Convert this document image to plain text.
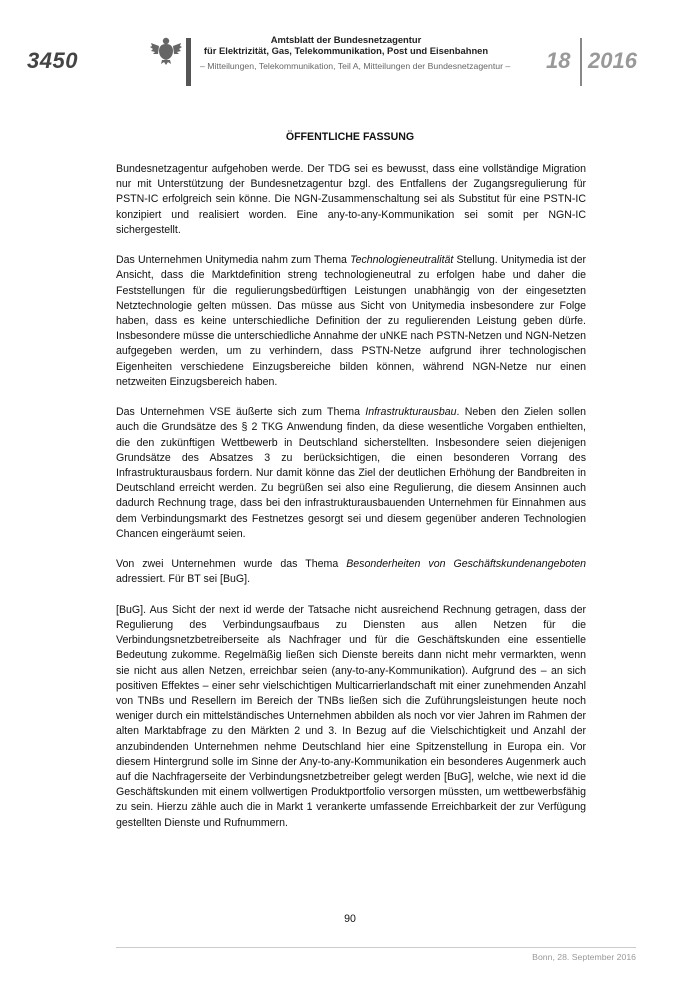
3450
Amtsblatt der Bundesnetzagentur
für Elektrizität, Gas, Telekommunikation, Post und Eisenbahnen
– Mitteilungen, Telekommunikation, Teil A, Mitteilungen der Bundesnetzagentur – 18 2016
ÖFFENTLICHE FASSUNG

Bundesnetzagentur aufgehoben werde. Der TDG sei es bewusst, dass eine vollständige Migration nur mit Unterstützung der Bundesnetzagentur bzgl. des Entfallens der Zugangsregulierung für PSTN-IC erfolgreich sein könne. Die NGN-Zusammenschaltung sei als Substitut für eine PSTN-IC konzipiert und realisiert worden. Eine any-to-any-Kommunikation sei somit per NGN-IC sichergestellt.

Das Unternehmen Unitymedia nahm zum Thema Technologieneutralität Stellung. Unitymedia ist der Ansicht, dass die Marktdefinition streng technologieneutral zu erfolgen habe und daher die Feststellungen für die regulierungsbedürftigen Leistungen unabhängig von der eingesetzten Netztechnologie gelten müssen. Das müsse aus Sicht von Unitymedia insbesondere zur Folge haben, dass es keine unterschiedliche Definition der zu regulierenden Leistung geben dürfe. Insbesondere müsse die unterschiedliche Annahme der uNKE nach PSTN-Netzen und NGN-Netzen aufgegeben werden, um zu verhindern, dass PSTN-Netze aufgrund ihrer technologischen Eigenheiten verschiedene Einzugsbereiche bilden können, während NGN-Netze nur einen netzweiten Einzugsbereich haben.

Das Unternehmen VSE äußerte sich zum Thema Infrastrukturausbau. Neben den Zielen sollen auch die Grundsätze des § 2 TKG Anwendung finden, da diese wesentliche Vorgaben enthielten, die den zukünftigen Wettbewerb in Deutschland sicherstellten. Insbesondere seien diejenigen Grundsätze des Absatzes 3 zu berücksichtigen, die einen besonderen Vorrang des Infrastrukturausbaus fordern. Nur damit könne das Ziel der deutlichen Erhöhung der Bandbreiten in Deutschland erreicht werden. Zu begrüßen sei also eine Regulierung, die diesem Ansinnen auch dadurch Rechnung trage, dass bei den infrastrukturausbauenden Unternehmen für Einnahmen aus dem Verbindungsmarkt des Festnetzes gesorgt sei und diesem gegenüber anderen Technologien Chancen eingeräumt seien.

Von zwei Unternehmen wurde das Thema Besonderheiten von Geschäftskundenangeboten adressiert. Für BT sei [BuG].

[BuG]. Aus Sicht der next id werde der Tatsache nicht ausreichend Rechnung getragen, dass der Regulierung des Verbindungsaufbaus zu Diensten aus allen Netzen für die Verbindungsnetzbetreiberseite als Nachfrager und für die Geschäftskunden eine essentielle Bedeutung zukomme. Regelmäßig ließen sich Dienste bereits dann nicht mehr vermarkten, wenn sie nicht aus allen Netzen, erreichbar seien (any-to-any-Kommunikation). Aufgrund des – an sich positiven Effektes – einer sehr vielschichtigen Multicarrierlandschaft mit einer zunehmenden Anzahl von TNBs und Resellern im Bereich der TNBs ließen sich die Zuführungsleistungen heute noch weniger durch ein mittelständisches Unternehmen abbilden als noch vor vier Jahren im Rahmen der alten Marktabfrage zu den Märkten 2 und 3. In Bezug auf die Vielschichtigkeit und Anzahl der anzubindenden Unternehmen nehme Deutschland hier eine Spitzenstellung in Europa ein. Vor diesem Hintergrund solle im Sinne der Any-to-any-Kommunikation ein besonderes Augenmerk auch auf die Nachfragerseite der Verbindungsnetzbetreiber gelegt werden [BuG], welche, wie next id die Geschäftskunden mit einem vollwertigen Produktportfolio versorgen müssten, um wettbewerbsfähig zu sein. Hierzu zähle auch die in Markt 1 verankerte umfassende Erreichbarkeit der zur Verfügung gestellten Dienste und Rufnummern.

90
Bonn, 28. September 2016
